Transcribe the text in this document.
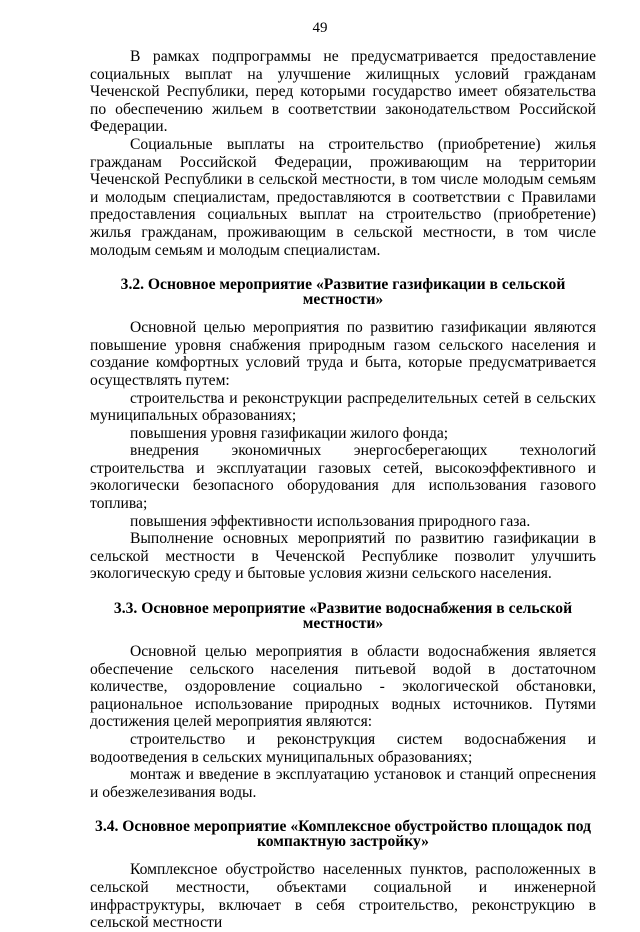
49

В рамках подпрограммы не предусматривается предоставление социальных выплат на улучшение жилищных условий гражданам Чеченской Республики, перед которыми государство имеет обязательства по обеспечению жильем в соответствии законодательством Российской Федерации.

Социальные выплаты на строительство (приобретение) жилья гражданам Российской Федерации, проживающим на территории Чеченской Республики в сельской местности, в том числе молодым семьям и молодым специалистам, предоставляются в соответствии с Правилами предоставления социальных выплат на строительство (приобретение) жилья гражданам, проживающим в сельской местности, в том числе молодым семьям и молодым специалистам.

3.2. Основное мероприятие «Развитие газификации в сельской местности»

Основной целью мероприятия по развитию газификации являются повышение уровня снабжения природным газом сельского населения и создание комфортных условий труда и быта, которые предусматривается осуществлять путем:

строительства и реконструкции распределительных сетей в сельских муниципальных образованиях;

повышения уровня газификации жилого фонда;

внедрения экономичных энергосберегающих технологий строительства и эксплуатации газовых сетей, высокоэффективного и экологически безопасного оборудования для использования газового топлива;

повышения эффективности использования природного газа.

Выполнение основных мероприятий по развитию газификации в сельской местности в Чеченской Республике позволит улучшить экологическую среду и бытовые условия жизни сельского населения.

3.3. Основное мероприятие «Развитие водоснабжения в сельской местности»

Основной целью мероприятия в области водоснабжения является обеспечение сельского населения питьевой водой в достаточном количестве, оздоровление социально - экологической обстановки, рациональное использование природных водных источников. Путями достижения целей мероприятия являются:

строительство и реконструкция систем водоснабжения и водоотведения в сельских муниципальных образованиях;

монтаж и введение в эксплуатацию установок и станций опреснения и обезжелезивания воды.

3.4. Основное мероприятие «Комплексное обустройство площадок под компактную застройку»

Комплексное обустройство населенных пунктов, расположенных в сельской местности, объектами социальной и инженерной инфраструктуры, включает в себя строительство, реконструкцию в сельской местности
